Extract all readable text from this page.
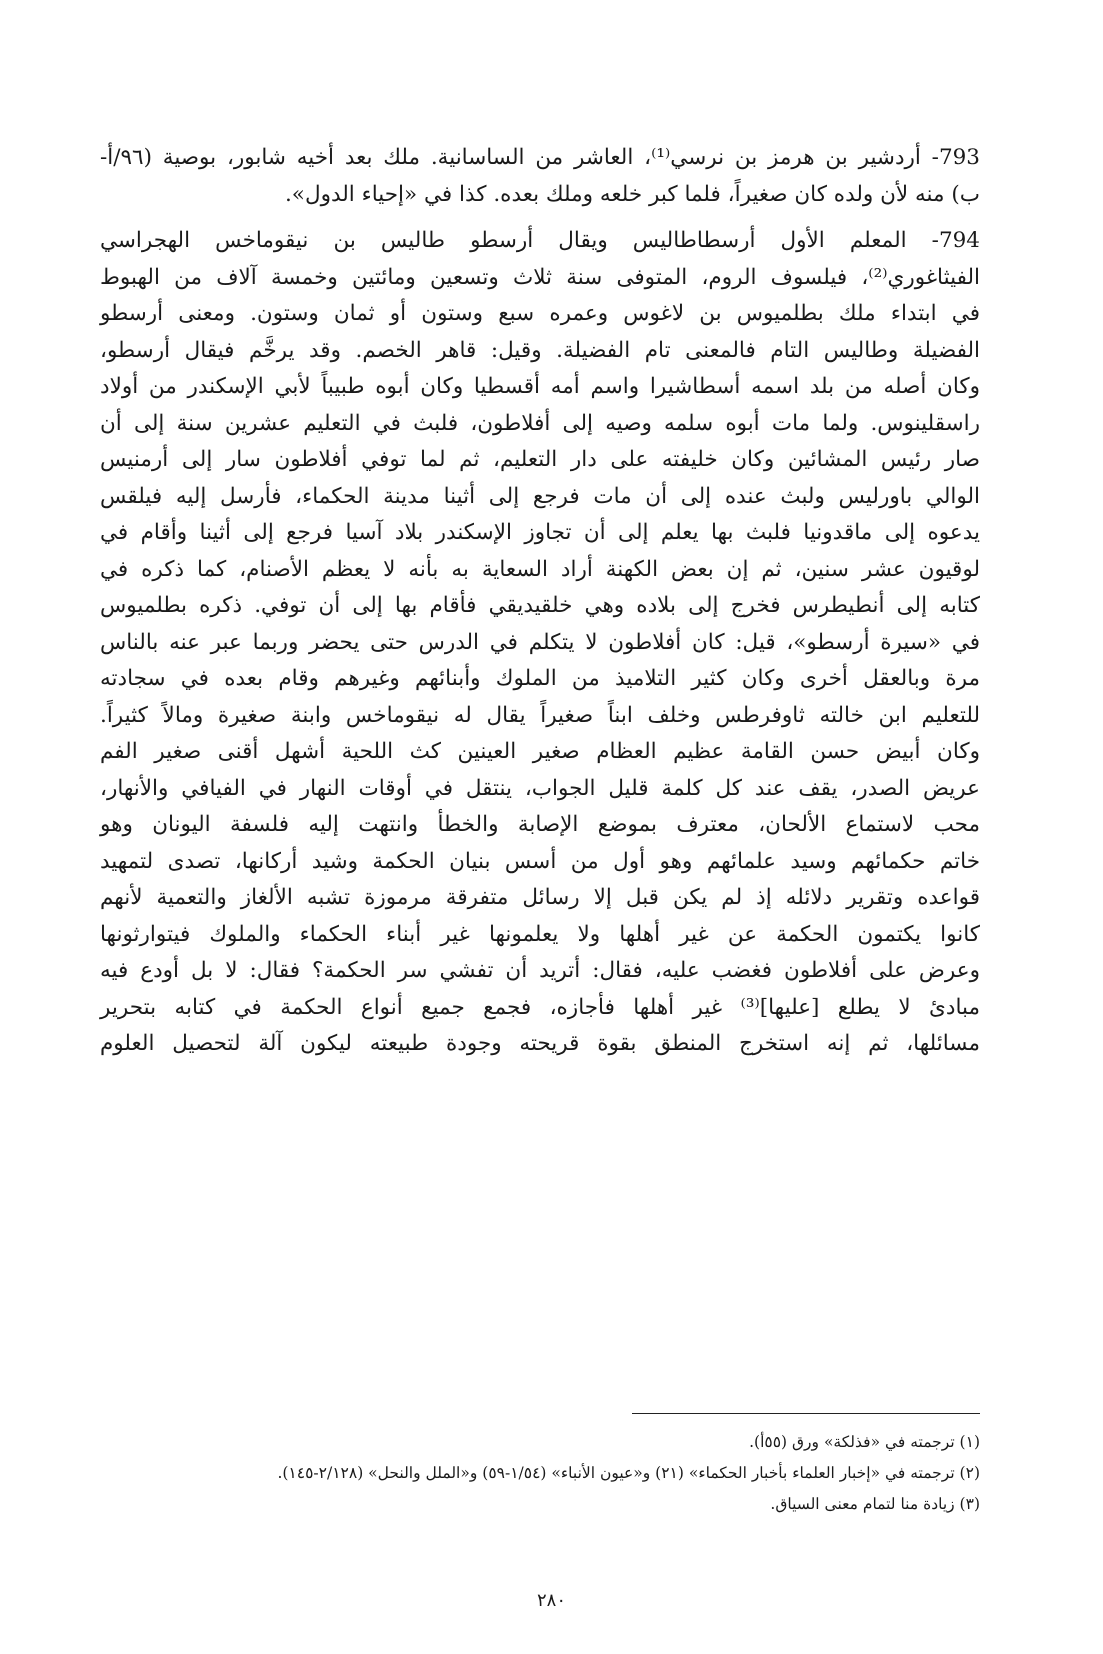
793- أردشير بن هرمز بن نرسي⁽¹⁾، العاشر من الساسانية. ملك بعد أخيه شابور، بوصية (٩٦/أ-
ب) منه لأن ولده كان صغيراً، فلما كبر خلعه وملك بعده. كذا في «إحياء الدول».
794- المعلم الأول أرسطاطاليس ويقال أرسطو طاليس بن نيقوماخس الهجراسي
الفيثاغوري⁽²⁾، فيلسوف الروم، المتوفى سنة ثلاث وتسعين ومائتين وخمسة آلاف من الهبوط
في ابتداء ملك بطلميوس بن لاغوس وعمره سبع وستون أو ثمان وستون. ومعنى أرسطو
الفضيلة وطاليس التام فالمعنى تام الفضيلة. وقيل: قاهر الخصم. وقد يرخَّم فيقال أرسطو،
وكان أصله من بلد اسمه أسطاشيرا واسم أمه أقسطيا وكان أبوه طبيباً لأبي الإسكندر من أولاد
راسقلينوس. ولما مات أبوه سلمه وصيه إلى أفلاطون، فلبث في التعليم عشرين سنة إلى أن
صار رئيس المشائين وكان خليفته على دار التعليم، ثم لما توفي أفلاطون سار إلى أرمنيس
الوالي باورليس ولبث عنده إلى أن مات فرجع إلى أثينا مدينة الحكماء، فأرسل إليه فيلقس
يدعوه إلى ماقدونيا فلبث بها يعلم إلى أن تجاوز الإسكندر بلاد آسيا فرجع إلى أثينا وأقام في
لوقيون عشر سنين، ثم إن بعض الكهنة أراد السعاية به بأنه لا يعظم الأصنام، كما ذكره في
كتابه إلى أنطيطرس فخرج إلى بلاده وهي خلقيديقي فأقام بها إلى أن توفي. ذكره بطلميوس
في «سيرة أرسطو»، قيل: كان أفلاطون لا يتكلم في الدرس حتى يحضر وربما عبر عنه بالناس
مرة وبالعقل أخرى وكان كثير التلاميذ من الملوك وأبنائهم وغيرهم وقام بعده في سجادته
للتعليم ابن خالته ثاوفرطس وخلف ابناً صغيراً يقال له نيقوماخس وابنة صغيرة ومالاً كثيراً.
وكان أبيض حسن القامة عظيم العظام صغير العينين كث اللحية أشهل أقنى صغير الفم
عريض الصدر، يقف عند كل كلمة قليل الجواب، ينتقل في أوقات النهار في الفيافي والأنهار،
محب لاستماع الألحان، معترف بموضع الإصابة والخطأ وانتهت إليه فلسفة اليونان وهو
خاتم حكمائهم وسيد علمائهم وهو أول من أسس بنيان الحكمة وشيد أركانها، تصدى لتمهيد
قواعده وتقرير دلائله إذ لم يكن قبل إلا رسائل متفرقة مرموزة تشبه الألغاز والتعمية لأنهم
كانوا يكتمون الحكمة عن غير أهلها ولا يعلمونها غير أبناء الحكماء والملوك فيتوارثونها
وعرض على أفلاطون فغضب عليه، فقال: أتريد أن تفشي سر الحكمة؟ فقال: لا بل أودع فيه
مبادئ لا يطلع [عليها]⁽³⁾ غير أهلها فأجازه، فجمع جميع أنواع الحكمة في كتابه بتحرير
مسائلها، ثم إنه استخرج المنطق بقوة قريحته وجودة طبيعته ليكون آلة لتحصيل العلوم
(١) ترجمته في «فذلكة» ورق (٥٥أ).
(٢) ترجمته في «إخبار العلماء بأخبار الحكماء» (٢١) و«عيون الأنباء» (١/٥٤-٥٩) و«الملل والنحل» (٢/١٢٨-١٤٥).
(٣) زيادة منا لتمام معنى السياق.
٢٨٠
